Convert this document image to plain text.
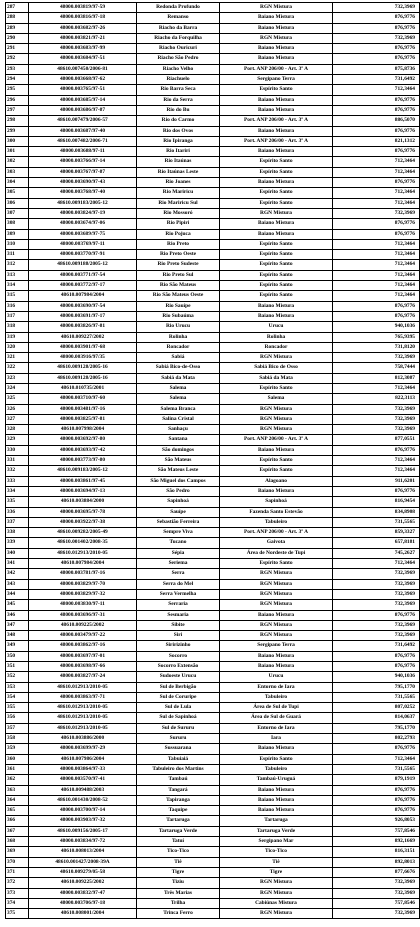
287	48000.003819/97-59	Redonda Profundo	RGN Mistura	732,3969
288	48000.003816/97-18	Remanso	Baiano Mistura	876,9776
289	48000.003682/97-26	Riacho da Barra	Baiano Mistura	876,9776
290	48000.003821/97-21	Riacho da Forquilha	RGN Mistura	732,3969
291	48000.003683/97-99	Riacho Ouricuri	Baiano Mistura	876,9776
292	48000.003684/97-51	Riacho São Pedro	Baiano Mistura	876,9776
293	48610.007450/2006-81	Riacho Velho	Port. ANP 206/00 - Art. 3º A	875,8736
294	48000.003668/97-62	Riachuelo	Sergipano Terra	731,6492
295	48000.003765/97-51	Rio Barra Seca	Espírito Santo	712,3464
296	48000.003685/97-14	Rio da Serra	Baiano Mistura	876,9776
297	48000.003686/97-87	Rio do Bu	Baiano Mistura	876,9776
298	48610.007479/2006-57	Rio do Carmo	Port. ANP 206/00 - Art. 3º A	886,5070
299	48000.003687/97-40	Rio dos Ovos	Baiano Mistura	876,9776
300	48610.007482/2006-71	Rio Ipiranga	Port. ANP 206/00 - Art. 3º A	821,1312
301	48000.003688/97-11	Rio Itariri	Baiano Mistura	876,9776
302	48000.003766/97-14	Rio Itaúnas	Espírito Santo	712,3464
303	48000.003767/97-87	Rio Itaúnas Leste	Espírito Santo	712,3464
304	48000.003690/97-43	Rio Joanes	Baiano Mistura	876,9776
305	48000.003768/97-40	Rio Mariricu	Espírito Santo	712,3464
306	48610.009183/2005-12	Rio Mariricu Sul	Espírito Santo	712,3464
307	48000.003824/97-19	Rio Mossoró	RGN Mistura	732,3969
308	48000.003674/97-06	Rio Pipiri	Baiano Mistura	876,9776
309	48000.003689/97-75	Rio Pojuca	Baiano Mistura	876,9776
310	48000.003769/97-11	Rio Preto	Espírito Santo	712,3464
311	48000.003770/97-91	Rio Preto Oeste	Espírito Santo	712,3464
312	48610.009188/2005-12	Rio Preto Sudeste	Espírito Santo	712,3464
313	48000.003771/97-54	Rio Preto Sul	Espírito Santo	712,3464
314	48000.003772/97-17	Rio São Mateus	Espírito Santo	712,3464
315	48610.007984/2004	Rio São Mateus Oeste	Espírito Santo	712,3464
316	48000.003690/97-54	Rio Sauípe	Baiano Mistura	876,9776
317	48000.003691/97-17	Rio Subaúma	Baiano Mistura	876,9776
318	48000.003826/97-81	Rio Urucu	Urucu	940,1036
319	48610.009227/2002	Rolinha	Rolinha	765,9395
320	48000.003901/97-68	Roncador	Roncador	731,8120
321	48000.003916/97/35	Sabiá	RGN Mistura	732,3969
322	48610.009128/2005-16	Sabiá Bico-de-Osso	Sabiá Bico de Osso	758,7444
323	48610.009128/2005-16	Sabiá da Mata	Sabiá da Mata	812,3087
324	48610.010735/2001	Salema	Espírito Santo	712,3464
325	48000.003710/97-60	Salema	Salema	822,3113
326	48000.003481/97-16	Salema Branca	RGN Mistura	732,3969
327	48000.003825/97-81	Salina Cristal	RGN Mistura	732,3969
328	48610.007998/2004	Sanhaçu	RGN Mistura	732,3969
329	48000.003692/97-80	Santana	Port. ANP 206/00 - Art. 3º A	877,0551
330	48000.003693/97-42	São domingos	Baiano Mistura	876,9776
331	48000.003773/97-80	São Mateus	Espírito Santo	712,3464
332	48610.009183/2005-12	São Mateus Leste	Espírito Santo	712,3464
333	48000.003861/97-45	São Miguel dos Campos	Alagoano	911,6201
334	48000.003694/97-13	São Pedro	Baiano Mistura	876,9776
335	48610.003884/2000	Sapinhoá	Sapinhoá	816,9454
336	48000.003695/97-78	Sauípe	Fazenda Santo Estevão	834,8908
337	48000.003922/97-38	Sebastião Ferreira	Tabuleiro	731,5565
338	48610.009282/2005-49	Sempre Viva	Port. ANP 206/00 - Art. 3º A	859,3327
339	48610.001402/2008-35	Tucano	Gaivota	657,8181
340	48610.012913/2010-05	Sépia	Área de Nordeste de Tupi	745,2627
341	48610.007984/2004	Seriema	Espírito Santo	712,3464
342	48000.003781/97-16	Serra	RGN Mistura	732,3969
343	48000.003829/97-70	Serra do Mel	RGN Mistura	732,3969
344	48000.003829/97-32	Serra Vermelha	RGN Mistura	732,3969
345	48000.003830/97-11	Serraria	RGN Mistura	732,3969
346	48000.003696/97-31	Sesmaria	Baiano Mistura	876,9776
347	48610.009225/2002	Sibite	RGN Mistura	732,3969
348	48000.003479/97-22	Siri	RGN Mistura	732,3969
349	48000.003862/97-16	Siririzinho	Sergipano Terra	731,6492
350	48000.003697/97-01	Socorro	Baiano Mistura	876,9776
351	48000.003698/97-66	Socorro Extensão	Baiano Mistura	876,9776
352	48000.003827/97-24	Sudoeste Urucu	Urucu	940,1036
353	48610.012913/2010-05	Sul de Berbigão	Entorno de Iara	795,1770
354	48000.003863/97-71	Sul de Coruripe	Tabuleiro	731,5565
355	48610.012913/2010-05	Sul de Lula	Área de Sul de Tupi	807,0252
356	48610.012913/2010-05	Sul de Sapinhoá	Área de Sul de Guará	814,0637
357	48610.012913/2010-05	Sul de Sururu	Entorno de Iara	795,1770
358	48610.003886/2000	Sururu	Iara	802,2793
359	48000.003699/97-29	Sussuarana	Baiano Mistura	876,9776
360	48610.007986/2004	Tabuiaiá	Espírito Santo	712,3464
361	48000.003864/97-33	Tabuleiro dos Martins	Tabuleiro	731,5565
362	48000.003570/97-41	Tambaú	Tambaú-Uruguá	879,1919
363	48610.009488/2003	Tangará	Baiano Mistura	876,9776
364	48610.001430/2008-52	Tapiranga	Baiano Mistura	876,9776
365	48000.003700/97-14	Taquipe	Baiano Mistura	876,9776
366	48000.003903/97-32	Tartaruga	Tartaruga	926,8053
367	48610.009156/2005-17	Tartaruga Verde	Tartaruga Verde	757,8546
368	48000.003834/97-72	Tatuí	Sergipano Mar	892,1669
369	48610.008013/2004	Tico-Tico	Tico-Tico	816,3151
370	48610.001427/2008-39A	Tiê	Tiê	892,8013
371	48610.009279/05-58	Tigre	Tigre	877,6676
372	48610.009225/2002	Tiziu	RGN Mistura	732,3969
373	48000.003832/97-47	Três Marias	RGN Mistura	732,3969
374	48000.003706/97-18	Trilha	Cabiúnas Mistura	757,8546
375	48610.008001/2004	Trinca Ferro	RGN Mistura	732,3969
